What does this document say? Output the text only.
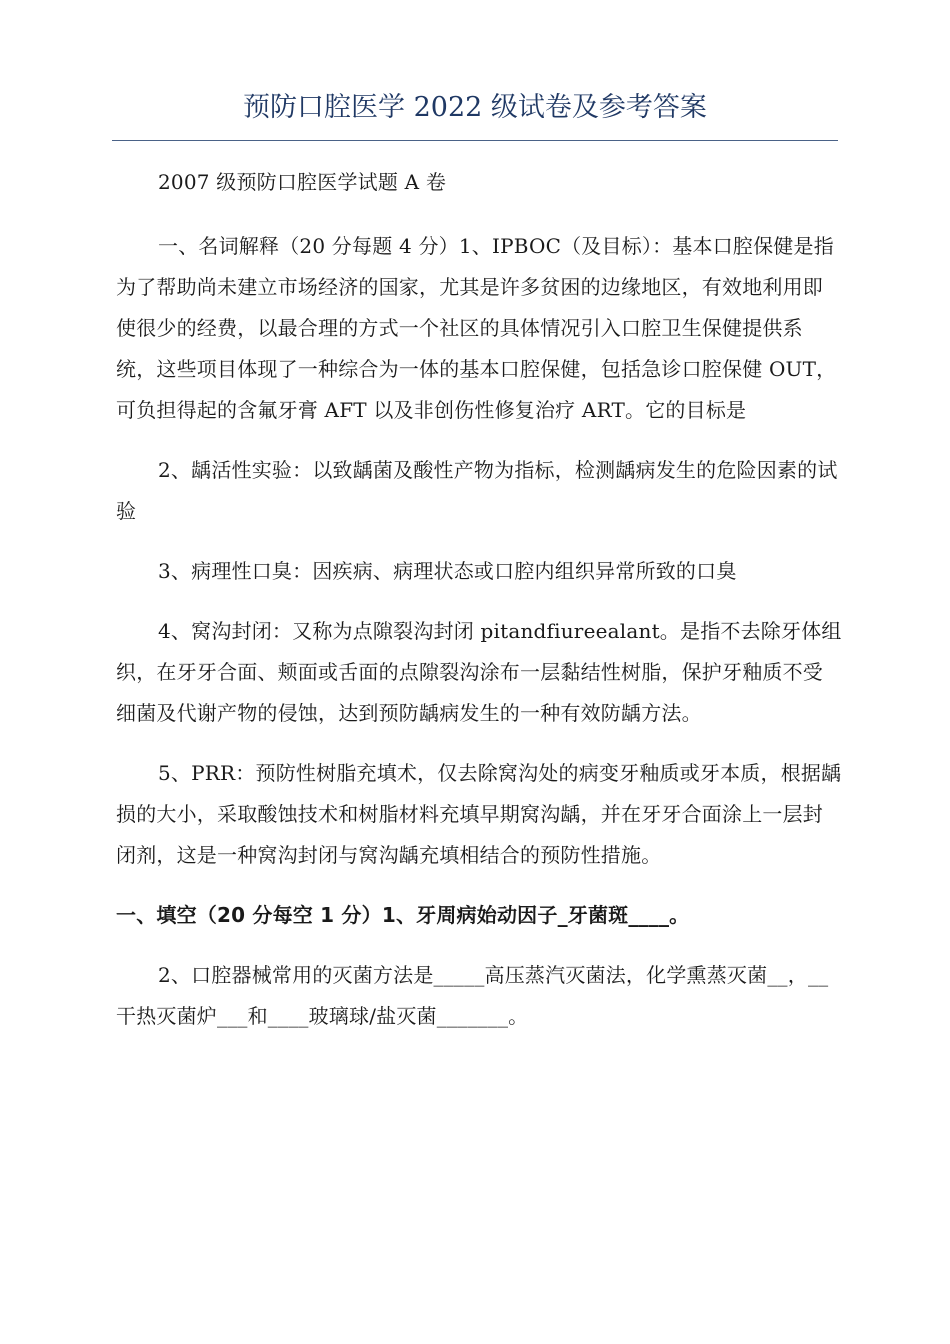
预防口腔医学 2022 级试卷及参考答案

2007 级预防口腔医学试题 A 卷

一、名词解释（20 分每题 4 分）1、IPBOC（及目标）：基本口腔保健是指为了帮助尚未建立市场经济的国家，尤其是许多贫困的边缘地区，有效地利用即使很少的经费，以最合理的方式一个社区的具体情况引入口腔卫生保健提供系统，这些项目体现了一种综合为一体的基本口腔保健，包括急诊口腔保健 OUT，可负担得起的含氟牙膏 AFT 以及非创伤性修复治疗 ART。它的目标是

2、龋活性实验：以致龋菌及酸性产物为指标，检测龋病发生的危险因素的试验

3、病理性口臭：因疾病、病理状态或口腔内组织异常所致的口臭

4、窝沟封闭：又称为点隙裂沟封闭 pitandfiureealant。是指不去除牙体组织，在牙牙合面、颊面或舌面的点隙裂沟涂布一层黏结性树脂，保护牙釉质不受细菌及代谢产物的侵蚀，达到预防龋病发生的一种有效防龋方法。

5、PRR：预防性树脂充填术，仅去除窝沟处的病变牙釉质或牙本质，根据龋损的大小，采取酸蚀技术和树脂材料充填早期窝沟龋，并在牙牙合面涂上一层封闭剂，这是一种窝沟封闭与窝沟龋充填相结合的预防性措施。

一、填空（20 分每空 1 分）1、牙周病始动因子_牙菌斑____。

2、口腔器械常用的灭菌方法是_____高压蒸汽灭菌法，化学熏蒸灭菌__，__干热灭菌炉___和____玻璃球/盐灭菌_______。
